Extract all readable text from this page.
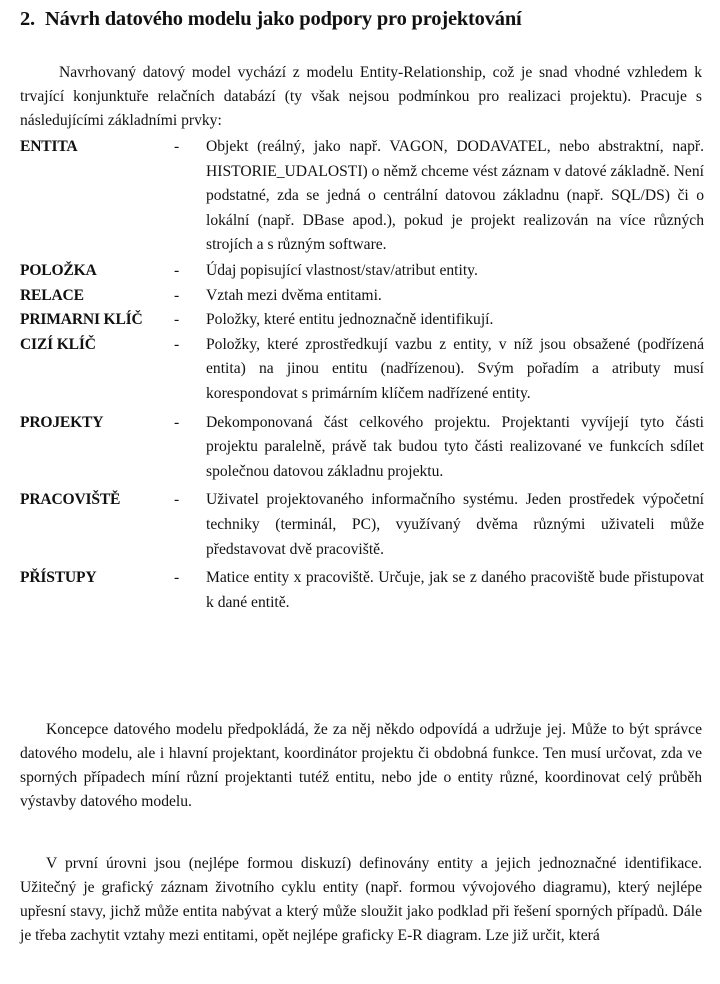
2. Návrh datového modelu jako podpory pro projektování
Navrhovaný datový model vychází z modelu Entity-Relationship, což je snad vhodné vzhledem k trvající konjunktuře relačních databází (ty však nejsou podmínkou pro realizaci projektu). Pracuje s následujícími základními prvky:
ENTITA	-	Objekt (reálný, jako např. VAGON, DODAVATEL, nebo abstraktní, např. HISTORIE_UDALOSTI) o němž chceme vést záznam v datové základně. Není podstatné, zda se jedná o centrální datovou základnu (např. SQL/DS) či o lokální (např. DBase apod.), pokud je projekt realizován na více různých strojích a s různým software.
POLOŽKA	-	Údaj popisující vlastnost/stav/atribut entity.
RELACE	-	Vztah mezi dvěma entitami.
PRIMARNI KLÍČ	-	Položky, které entitu jednoznačně identifikují.
CIZÍ KLÍČ	-	Položky, které zprostředkují vazbu z entity, v níž jsou obsažené (podřízená entita) na jinou entitu (nadřízenou). Svým pořadím a atributy musí korespondovat s primárním klíčem nadřízené entity.
PROJEKTY	-	Dekomponovaná část celkového projektu. Projektanti vyvíjejí tyto části projektu paralelně, právě tak budou tyto části realizované ve funkcích sdílet společnou datovou základnu projektu.
PRACOVIŠTĚ	-	Uživatel projektovaného informačního systému. Jeden prostředek výpočetní techniky (terminál, PC), využívaný dvěma různými uživateli může představovat dvě pracoviště.
PŘÍSTUPY	-	Matice entity x pracoviště. Určuje, jak se z daného pracoviště bude přistupovat k dané entitě.
Koncepce datového modelu předpokládá, že za něj někdo odpovídá a udržuje jej. Může to být správce datového modelu, ale i hlavní projektant, koordinátor projektu či obdobná funkce. Ten musí určovat, zda ve sporných případech míní různí projektanti tutéž entitu, nebo jde o entity různé, koordinovat celý průběh výstavby datového modelu.
V první úrovni jsou (nejlépe formou diskuzí) definovány entity a jejich jednoznačné identifikace. Užitečný je grafický záznam životního cyklu entity (např. formou vývojového diagramu), který nejlépe upřesní stavy, jichž může entita nabývat a který může sloužit jako podklad při řešení sporných případů. Dále je třeba zachytit vztahy mezi entitami, opět nejlépe graficky E-R diagram. Lze již určit, která
